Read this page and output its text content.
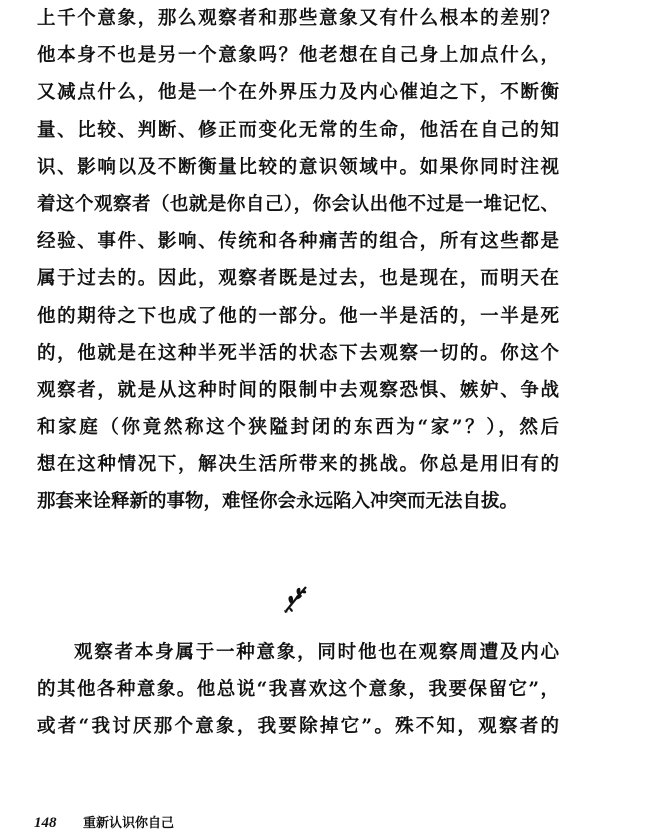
上千个意象，那么观察者和那些意象又有什么根本的差别？
他本身不也是另一个意象吗？他老想在自己身上加点什么，
又减点什么，他是一个在外界压力及内心催迫之下，不断衡
量、比较、判断、修正而变化无常的生命，他活在自己的知
识、影响以及不断衡量比较的意识领域中。如果你同时注视
着这个观察者（也就是你自己），你会认出他不过是一堆记忆、
经验、事件、影响、传统和各种痛苦的组合，所有这些都是
属于过去的。因此，观察者既是过去，也是现在，而明天在
他的期待之下也成了他的一部分。他一半是活的，一半是死
的，他就是在这种半死半活的状态下去观察一切的。你这个
观察者，就是从这种时间的限制中去观察恐惧、嫉妒、争战
和家庭（你竟然称这个狭隘封闭的东西为“家”？），然后
想在这种情况下，解决生活所带来的挑战。你总是用旧有的
那套来诠释新的事物，难怪你会永远陷入冲突而无法自拔。
观察者本身属于一种意象，同时他也在观察周遭及内心
的其他各种意象。他总说“我喜欢这个意象，我要保留它”，
或者“我讨厌那个意象，我要除掉它”。殊不知，观察者的
148 重新认识你自己
